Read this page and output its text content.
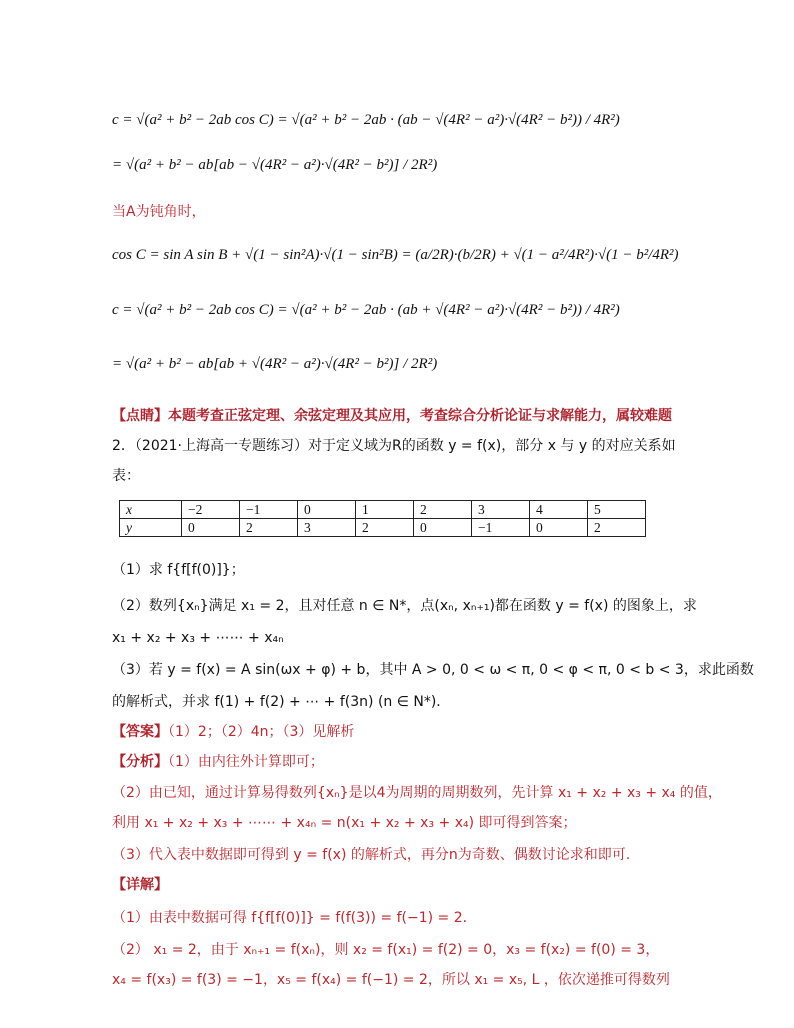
c = √(a² + b² − 2ab cos C) = √(a² + b² − 2ab · (ab − √(4R² − a²)·√(4R² − b²)) / 4R²)
= √(a² + b² − ab[ab − √(4R² − a²)·√(4R² − b²)] / 2R²)
当A为钝角时，
cos C = sin A sin B + √(1 − sin²A)·√(1 − sin²B) = (a/2R)·(b/2R) + √(1 − a²/4R²)·√(1 − b²/4R²)
c = √(a² + b² − 2ab cos C) = √(a² + b² − 2ab · (ab + √(4R² − a²)·√(4R² − b²)) / 4R²)
= √(a² + b² − ab[ab + √(4R² − a²)·√(4R² − b²)] / 2R²)
【点睛】本题考查正弦定理、余弦定理及其应用，考查综合分析论证与求解能力，属较难题
2．（2021·上海高一专题练习）对于定义域为R的函数 y = f(x)，部分 x 与 y 的对应关系如
表：
x	−2	−1	0	1	2	3	4	5
y	0	2	3	2	0	−1	0	2
（1）求 f{f[f(0)]}；
（2）数列{xₙ}满足 x₁ = 2，且对任意 n ∈ N*，点(xₙ, xₙ₊₁)都在函数 y = f(x) 的图象上，求
x₁ + x₂ + x₃ + ⋯⋯ + x₄ₙ
（3）若 y = f(x) = A sin(ωx + φ) + b，其中 A > 0, 0 < ω < π, 0 < φ < π, 0 < b < 3，求此函数
的解析式，并求 f(1) + f(2) + ⋯ + f(3n) (n ∈ N*)．
【答案】（1）2；（2）4n；（3）见解析
【分析】（1）由内往外计算即可；
（2）由已知，通过计算易得数列{xₙ}是以4为周期的周期数列，先计算 x₁ + x₂ + x₃ + x₄ 的值，
利用 x₁ + x₂ + x₃ + ⋯⋯ + x₄ₙ = n(x₁ + x₂ + x₃ + x₄) 即可得到答案；
（3）代入表中数据即可得到 y = f(x) 的解析式，再分n为奇数、偶数讨论求和即可.
【详解】
（1）由表中数据可得 f{f[f(0)]} = f(f(3)) = f(−1) = 2．
（2） x₁ = 2，由于 xₙ₊₁ = f(xₙ)，则 x₂ = f(x₁) = f(2) = 0，x₃ = f(x₂) = f(0) = 3，
x₄ = f(x₃) = f(3) = −1，x₅ = f(x₄) = f(−1) = 2，所以 x₁ = x₅, L ，依次递推可得数列
